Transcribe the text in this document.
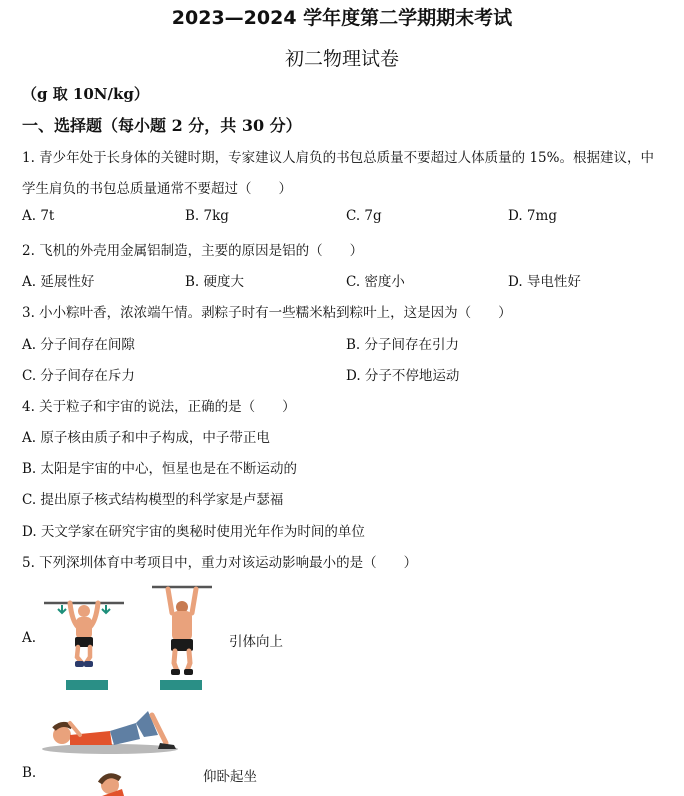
2023—2024 学年度第二学期期末考试
初二物理试卷
（g 取 10N/kg）
一、选择题（每小题 2 分，共 30 分）
1. 青少年处于长身体的关键时期，专家建议人肩负的书包总质量不要超过人体质量的 15%。根据建议，中
学生肩负的书包总质量通常不要超过（　　）
A. 7t	B. 7kg	C. 7g	D. 7mg
2. 飞机的外壳用金属铝制造，主要的原因是铝的（　　）
A. 延展性好	B. 硬度大	C. 密度小	D. 导电性好
3. 小小粽叶香，浓浓端午情。剥粽子时有一些糯米粘到粽叶上，这是因为（　　）
A. 分子间存在间隙	B. 分子间存在引力
C. 分子间存在斥力	D. 分子不停地运动
4. 关于粒子和宇宙的说法，正确的是（　　）
A. 原子核由质子和中子构成，中子带正电
B. 太阳是宇宙的中心，恒星也是在不断运动的
C. 提出原子核式结构模型的科学家是卢瑟福
D. 天文学家在研究宇宙的奥秘时使用光年作为时间的单位
5. 下列深圳体育中考项目中，重力对该运动影响最小的是（　　）
A.	引体向上
B.	仰卧起坐
